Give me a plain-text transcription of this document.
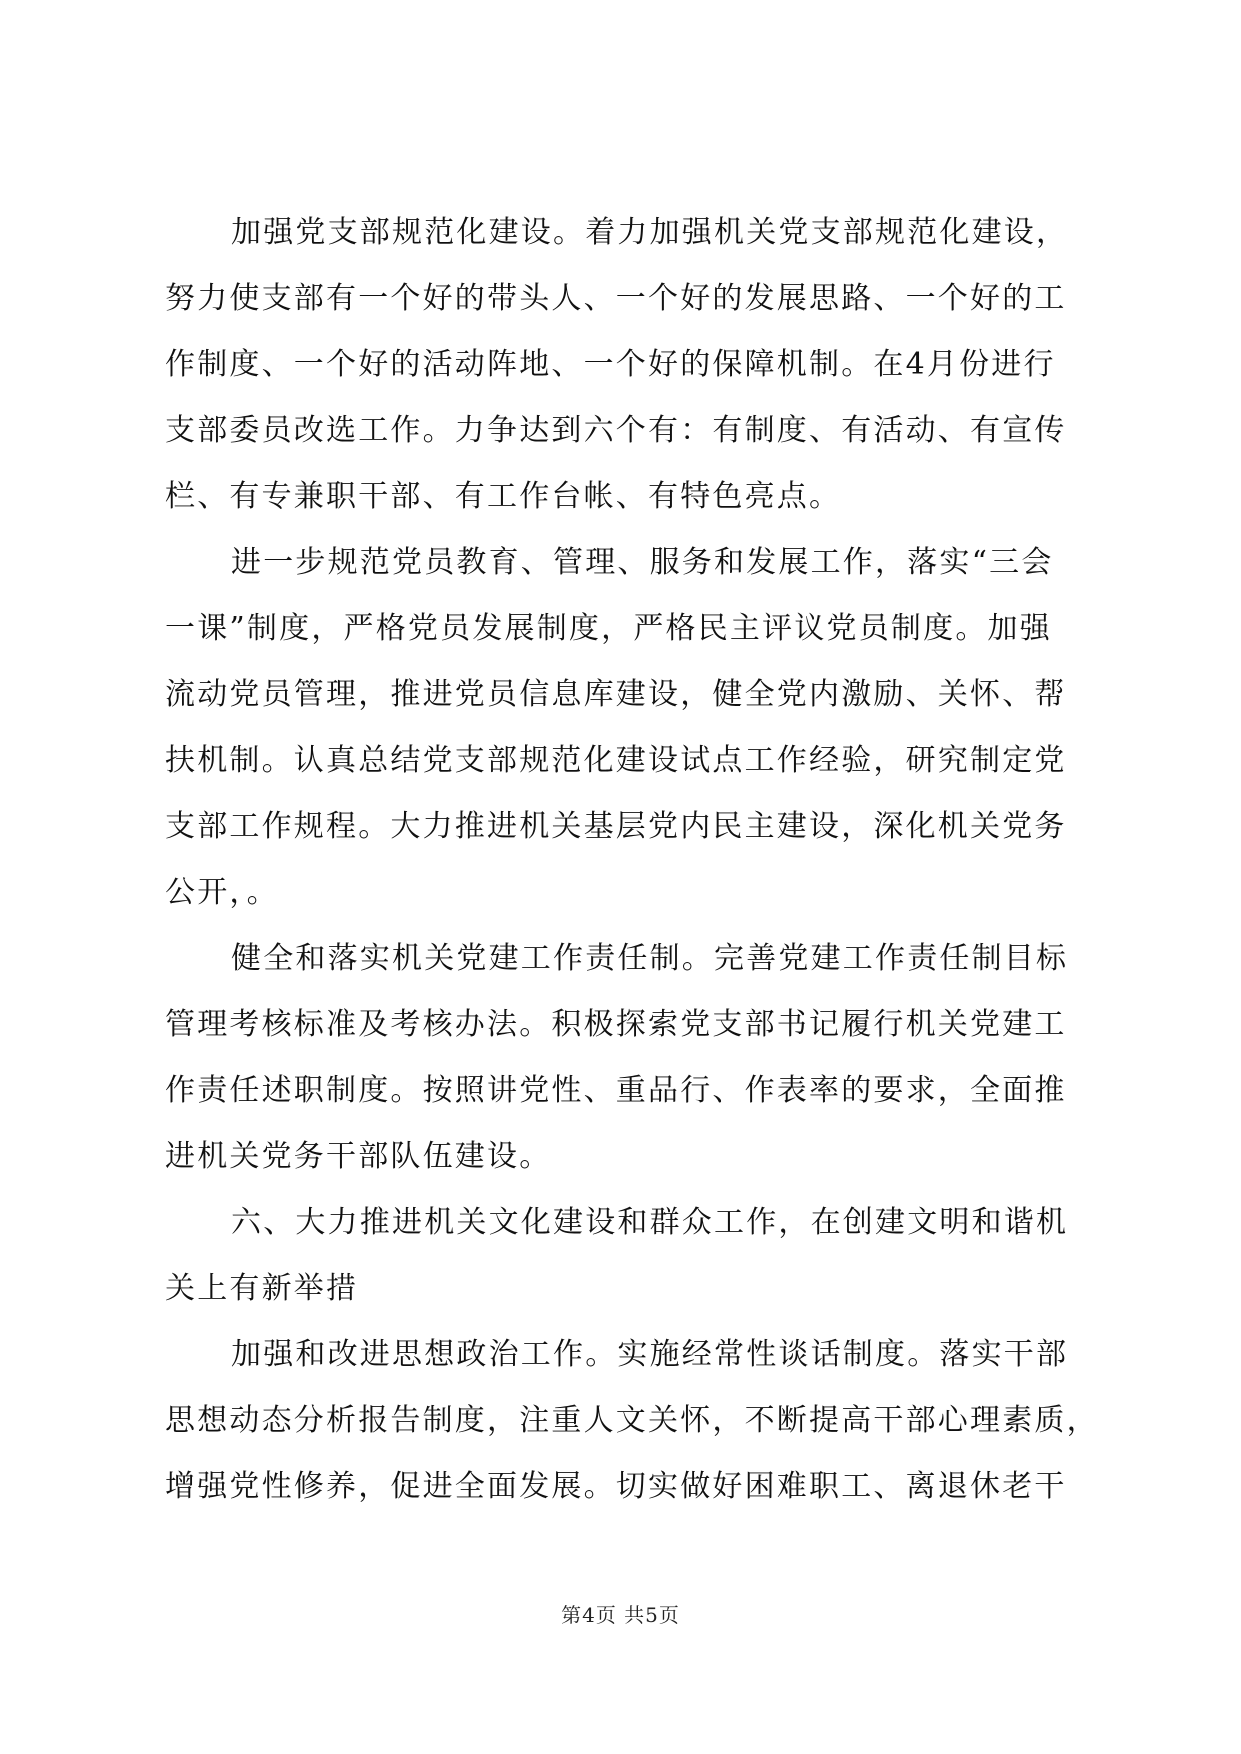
加强党支部规范化建设。着力加强机关党支部规范化建设，
努力使支部有一个好的带头人、一个好的发展思路、一个好的工
作制度、一个好的活动阵地、一个好的保障机制。在4月份进行
支部委员改选工作。力争达到六个有：有制度、有活动、有宣传
栏、有专兼职干部、有工作台帐、有特色亮点。
进一步规范党员教育、管理、服务和发展工作，落实“三会
一课”制度，严格党员发展制度，严格民主评议党员制度。加强
流动党员管理，推进党员信息库建设，健全党内激励、关怀、帮
扶机制。认真总结党支部规范化建设试点工作经验，研究制定党
支部工作规程。大力推进机关基层党内民主建设，深化机关党务
公开，。
健全和落实机关党建工作责任制。完善党建工作责任制目标
管理考核标准及考核办法。积极探索党支部书记履行机关党建工
作责任述职制度。按照讲党性、重品行、作表率的要求，全面推
进机关党务干部队伍建设。
六、大力推进机关文化建设和群众工作，在创建文明和谐机
关上有新举措
加强和改进思想政治工作。实施经常性谈话制度。落实干部
思想动态分析报告制度，注重人文关怀，不断提高干部心理素质，
增强党性修养，促进全面发展。切实做好困难职工、离退休老干
第4页 共5页
